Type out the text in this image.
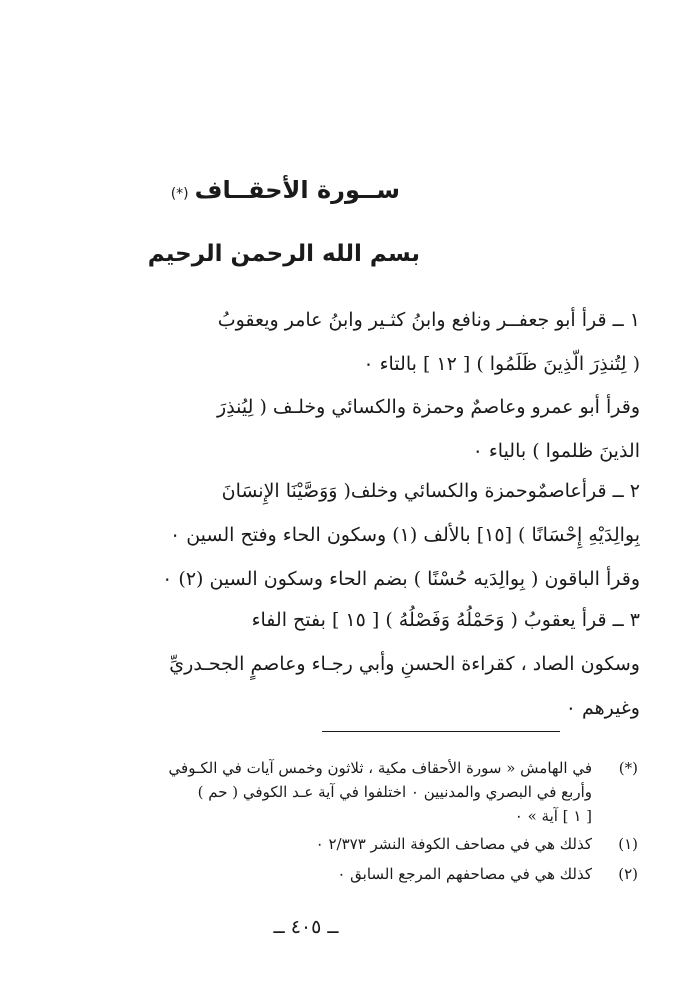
ســورة الأحقــاف(*)
بسم الله الرحمن الرحيم
١ ــ قرأ أبو جعفــر ونافع وابنُ كثـير وابنُ عامر ويعقوبُ
( لِتُنذِرَ الّذِينَ ظَلَمُوا ) [ ١٢ ] بالتاء ٠
وقرأ أبو عمرو وعاصمٌ وحمزة والكسائي وخلـف ( لِيُنذِرَ
الذينَ ظلموا ) بالياء ٠
٢ ــ قرأعاصمٌوحمزة والكسائي وخلف( وَوَصَّيْنَا الإِنسَانَ
بِوالِدَيْهِ إِحْسَانًا ) [١٥] بالألف (١) وسكون الحاء وفتح السين ٠
وقرأ الباقون ( بِوالِدَيه حُسْنًا ) بضم الحاء وسكون السين (٢) ٠
٣ ــ قرأ يعقوبُ ( وَحَمْلُهُ وَفَصْلُهُ ) [ ١٥ ] بفتح الفاء
وسكون الصاد ، كقراءة الحسنِ وأبي رجـاء وعاصمٍ الجحـدريِّ
وغيرهم ٠
(*)
في الهامش « سورة الأحقاف مكية ، ثلاثون وخمس آيات في الكـوفي
وأربع في البصري والمدنيين ٠ اختلفوا في آية عـد الكوفي ( حم )
[ ١ ] آية » ٠
(١)
كذلك هي في مصاحف الكوفة النشر ٢/٣٧٣ ٠
(٢)
كذلك هي في مصاحفهم المرجع السابق ٠
ــ ٤٠٥ ــ
